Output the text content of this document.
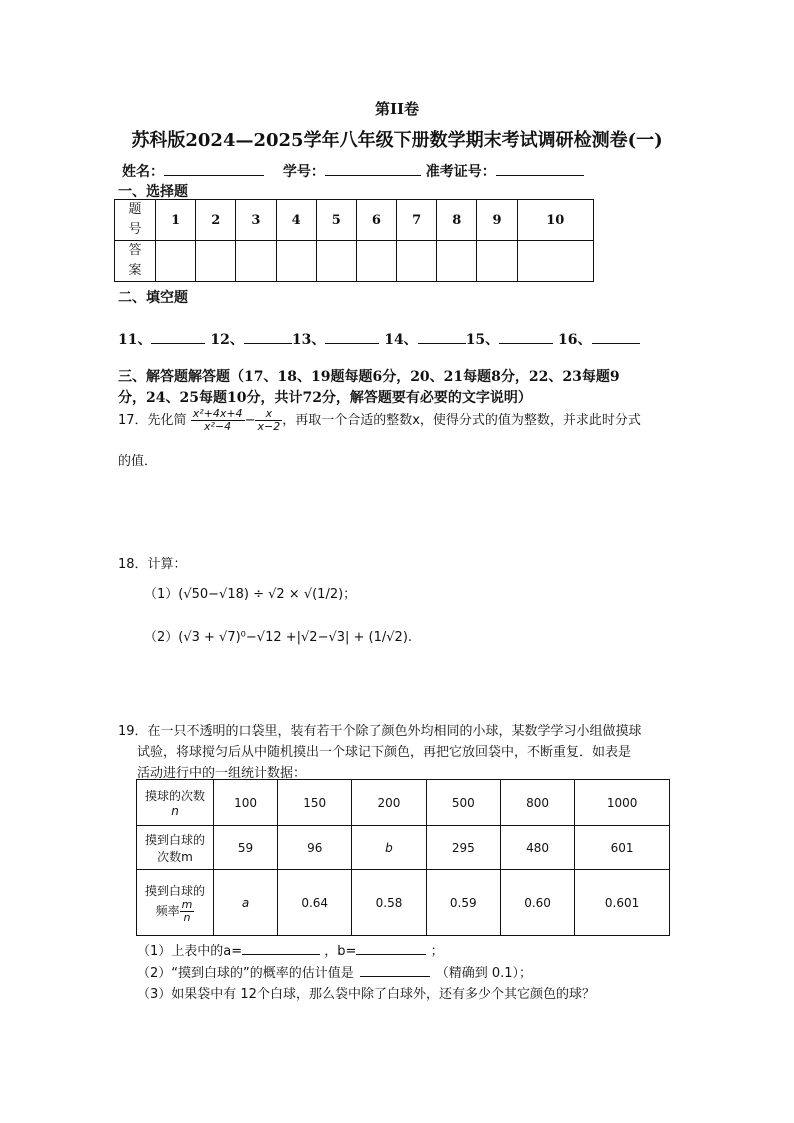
第II卷
苏科版2024—2025学年八年级下册数学期末考试调研检测卷(一)
姓名：	学号：	准考证号：
一、选择题
题号	1	2	3	4	5	6	7	8	9	10
答案										
二、填空题
11、	12、	13、	14、	15、	16、
三、解答题解答题（17、18、19题每题6分，20、21每题8分，22、23每题9
分，24、25每题10分，共计72分，解答题要有必要的文字说明）
17．先化简 $\frac{\text{x²+4x+4}}{\text{x²−4}} - \frac{x}{x-2}$ ，再取一个合适的整数x，使得分式的值为整数，并求此时分式
的值．
18．计算：
（1）(√50−√18) ÷ √2 × √(1/2)；
（2）(√3 + √7)⁰−√12 +|√2−√3| + (1/√2).
19．在一只不透明的口袋里，装有若干个除了颜色外均相同的小球，某数学学习小组做摸球
试验，将球搅匀后从中随机摸出一个球记下颜色，再把它放回袋中，不断重复．如表是
活动进行中的一组统计数据：
摸球的次数
n	100	150	200	500	800	1000

摸到白球的
次数m	59	96	b	295	480	601

摸到白球的
频率 $\frac{m}{n}$	a	0.64	0.58	0.59	0.60	0.601
（1）上表中的a=	，b=	；
（2）“摸到白球的”的概率的估计值是	（精确到 0.1）；
（3）如果袋中有 12个白球，那么袋中除了白球外，还有多少个其它颜色的球？
